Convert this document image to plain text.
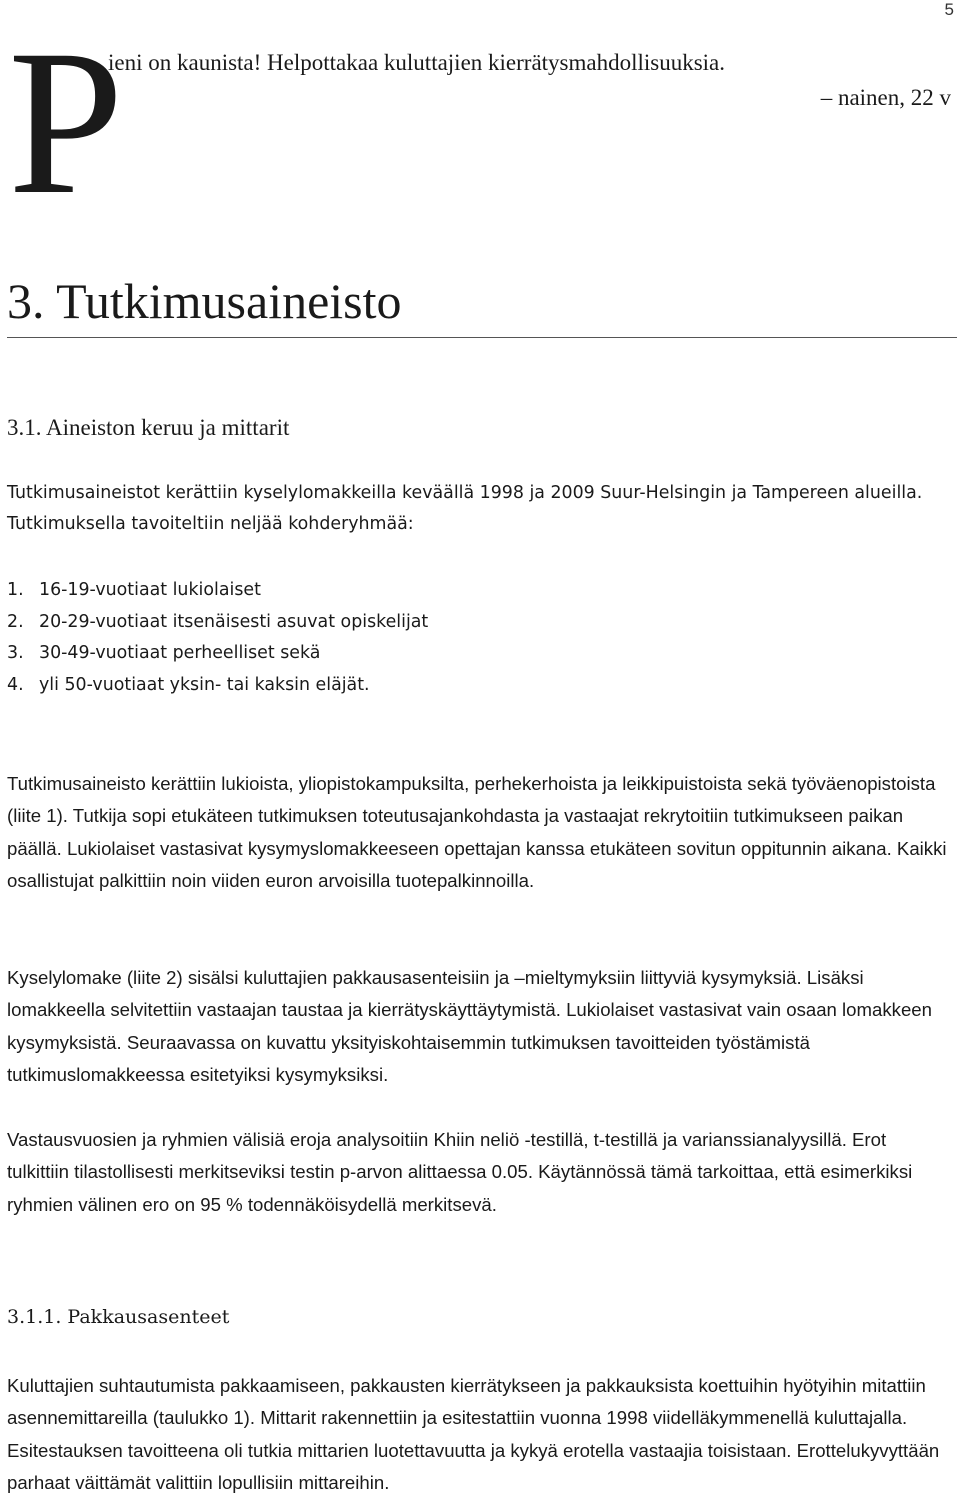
5
P
ieni on kaunista! Helpottakaa kuluttajien kierrätysmahdollisuuksia.
– nainen, 22 v
3. Tutkimusaineisto
3.1. Aineiston keruu ja mittarit

Tutkimusaineistot kerättiin kyselylomakkeilla keväällä 1998 ja 2009 Suur-Helsingin ja Tampereen alueilla. Tutkimuksella tavoiteltiin neljää kohderyhmää:

1. 16-19-vuotiaat lukiolaiset
2. 20-29-vuotiaat itsenäisesti asuvat opiskelijat
3. 30-49-vuotiaat perheelliset sekä
4. yli 50-vuotiaat yksin- tai kaksin eläjät.

Tutkimusaineisto kerättiin lukioista, yliopistokampuksilta, perhekerhoista ja leikkipuistoista sekä työväenopistoista (liite 1). Tutkija sopi etukäteen tutkimuksen toteutusajankohdasta ja vastaajat rekrytoitiin tutkimukseen paikan päällä. Lukiolaiset vastasivat kysymyslomakkeeseen opettajan kanssa etukäteen sovitun oppitunnin aikana. Kaikki osallistujat palkittiin noin viiden euron arvoisilla tuotepalkinnoilla.

Kyselylomake (liite 2) sisälsi kuluttajien pakkausasenteisiin ja –mieltymyksiin liittyviä kysymyksiä. Lisäksi lomakkeella selvitettiin vastaajan taustaa ja kierrätyskäyttäytymistä. Lukiolaiset vastasivat vain osaan lomakkeen kysymyksistä. Seuraavassa on kuvattu yksityiskohtaisemmin tutkimuksen tavoitteiden työstämistä tutkimuslomakkeessa esitetyiksi kysymyksiksi.

Vastausvuosien ja ryhmien välisiä eroja analysoitiin Khiin neliö -testillä, t-testillä ja varianssianalyysillä. Erot tulkittiin tilastollisesti merkitseviksi testin p-arvon alittaessa 0.05. Käytännössä tämä tarkoittaa, että esimerkiksi ryhmien välinen ero on 95 % todennäköisydellä merkitsevä.

3.1.1. Pakkausasenteet

Kuluttajien suhtautumista pakkaamiseen, pakkausten kierrätykseen ja pakkauksista koettuihin hyötyihin mitattiin asennemittareilla (taulukko 1). Mittarit rakennettiin ja esitestattiin vuonna 1998 viidelläkymmenellä kuluttajalla. Esitestauksen tavoitteena oli tutkia mittarien luotettavuutta ja kykyä erotella vastaajia toisistaan. Erottelukyvyttään parhaat väittämät valittiin lopullisiin mittareihin.
